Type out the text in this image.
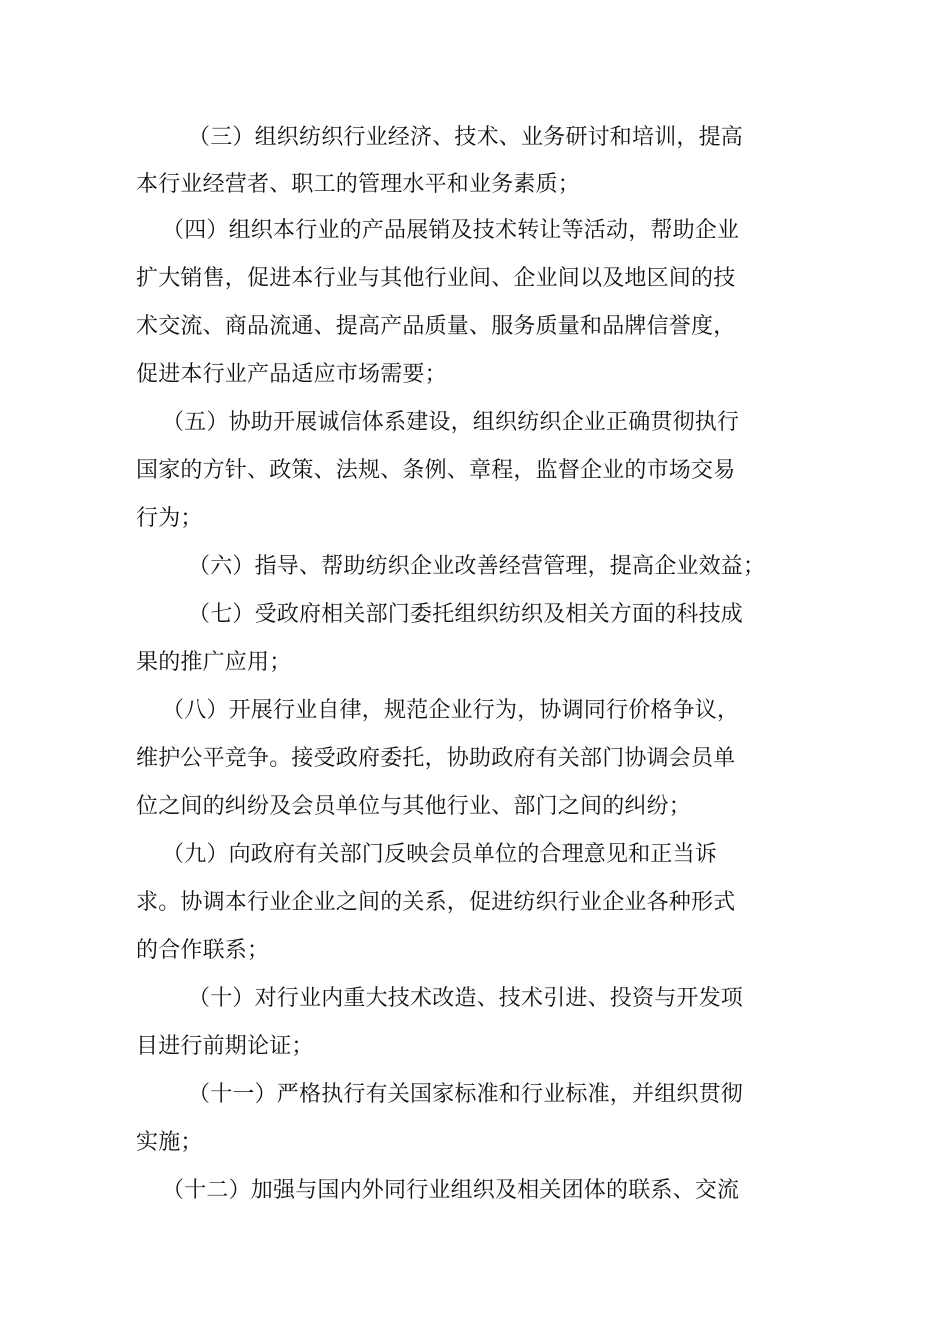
（三）组织纺织行业经济、技术、业务研讨和培训，提高
本行业经营者、职工的管理水平和业务素质；
（四）组织本行业的产品展销及技术转让等活动，帮助企业
扩大销售，促进本行业与其他行业间、企业间以及地区间的技
术交流、商品流通、提高产品质量、服务质量和品牌信誉度，
促进本行业产品适应市场需要；
（五）协助开展诚信体系建设，组织纺织企业正确贯彻执行
国家的方针、政策、法规、条例、章程，监督企业的市场交易
行为；
（六）指导、帮助纺织企业改善经营管理，提高企业效益；
（七）受政府相关部门委托组织纺织及相关方面的科技成
果的推广应用；
（八）开展行业自律，规范企业行为，协调同行价格争议，
维护公平竞争。接受政府委托，协助政府有关部门协调会员单
位之间的纠纷及会员单位与其他行业、部门之间的纠纷；
（九）向政府有关部门反映会员单位的合理意见和正当诉
求。协调本行业企业之间的关系，促进纺织行业企业各种形式
的合作联系；
（十）对行业内重大技术改造、技术引进、投资与开发项
目进行前期论证；
（十一）严格执行有关国家标准和行业标准，并组织贯彻
实施；
（十二）加强与国内外同行业组织及相关团体的联系、交流
